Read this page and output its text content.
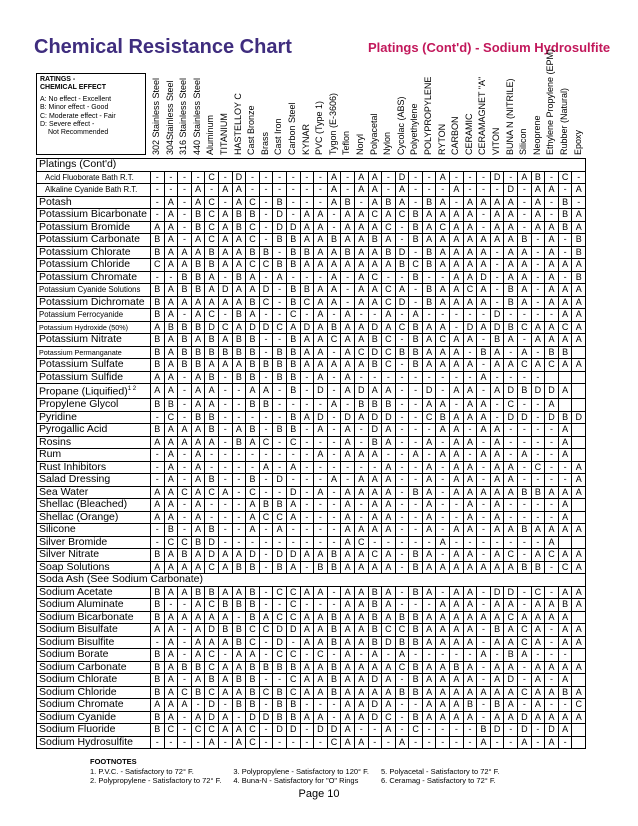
Chemical Resistance Chart	Platings (Cont'd) - Sodium Hydrosulfite
RATINGS -
CHEMICAL EFFECT
A: No effect - Excellent
B: Minor effect - Good
C: Moderate effect - Fair
D: Severe effect -
Not Recommended	302 Stainless Steel 304Stainless Steel 316 Stainless Steel 440 Stainless Steel Aluminum TITANIUM HASTELLOY C Cast Bronze Brass Cast Iron Carbon Steel KYNAR PVC (Type 1) Tygon (E-3606) Teflon Noryl Polyacetal Nylon Cycolac (ABS) Polyethylene POLYPROPYLENE RYTON CARBON CERAMIC CERAMAGNET "A" VITON BUNA N (NITRILE) Silicon Neoprene Ethylene Propylene (EPM) Rubber (Natural) Epoxy
Platings (Cont'd)																																
Acid Fluoborate Bath R.T.	-	-	-	-	C	-	D	-	-	-	-	-	-	A	-	A	A	-	D	-	-	A	-	-	-	D	-	A	B	-	C	-
Alkaline Cyanide Bath R.T.	-	-	-	A	-	A	A	-	-	-	-	-	-	A	-	A	A	-	A	-	-	-	A	-	-	-	D	-	A	A	-	A
Potash	-	A	-	A	C	-	A	C	-	B	-	-	-	A	B	-	A	B	A	-	B	A	-	A	A	A	A	-	A	-	B	-
Potassium Bicarbonate	-	A	-	B	C	A	B	B	-	D	-	A	A	-	A	A	C	A	C	B	A	A	A	A	-	A	A	-	A	-	B	A
Potassium Bromide	A	A	-	B	C	A	B	C	-	D	D	A	A	-	A	A	A	C	-	B	A	C	A	A	-	A	A	-	A	A	B	A
Potassium Carbonate	B	A	-	A	C	A	A	C	-	B	B	A	A	B	A	A	B	A	-	B	A	A	A	A	A	A	A	B	-	A	-	B
Potassium Chlorate	B	A	A	A	B	A	A	B	B	-	B	B	A	A	B	A	A	B	D	-	B	A	A	A	A	-	A	A	-	A	-	B
Potassium Chloride	C	A	A	B	B	A	A	C	C	B	B	A	A	A	A	A	A	A	B	C	B	A	A	A	A	-	A	A	-	A	A	A
Potassium Chromate	-	-	B	B	A	-	B	A	-	A	-	-	-	A	-	A	C	-	-	B	-	-	A	A	D	-	A	A	-	A	-	B
Potassium Cyanide Solutions	B	A	B	B	A	D	A	A	D	-	B	B	A	A	-	A	A	C	A	-	B	A	A	C	A	-	B	A	-	A	A	A
Potassium Dichromate	B	A	A	A	A	A	A	B	C	-	B	C	A	A	-	A	A	C	D	-	B	A	A	A	A	-	B	A	-	A	A	A
Potassium Ferrocyanide	B	A	-	A	C	-	B	A	-	-	C	-	A	-	A	-	-	A	-	A	-	-	-	-	-	D	-	-	-	-	A	A
Potassium Hydroxide (50%)	A	B	B	B	D	C	A	D	D	C	A	D	A	B	A	A	D	A	C	B	A	A	-	D	A	D	B	C	A	A	C	A
Potassium Nitrate	B	A	B	A	B	A	B	B	-	-	B	A	A	C	A	A	B	C	-	B	A	C	A	A	-	B	A	-	A	A	A	A
Potassium Permanganate	B	A	B	B	B	B	B	B	-	B	B	A	A	-	A	C	D	C	B	B	A	A	A	-	B	A	-	A	-	B	B	
Potassium Sulfate	B	A	B	B	A	A	A	B	B	B	B	A	A	A	A	A	B	C	-	B	A	A	A	A	-	A	A	C	A	C	A	A
Potassium Sulfide	A	A	-	A	B	-	B	B	-	B	B	-	A	-	A	-	-	-	-	-	-	-	-	-	A	-	-	-	-			
Propane (Liquified)$^{1 2}$	A	A	-	A	A	-	-	A	A	-	B	-	D	-	A	D	A	A	-	-	D	-	A	A	-	A	D	B	D	D	A	
Propylene Glycol	B	B	-	A	A	-	-	B	B	-	-	-	-	A	-	B	B	B	-	-	A	A	-	A	A	-	C	-	-	A		
Pyridine	-	C	-	B	B	-	-	-	-	-	B	A	D	-	D	A	D	D	-	-	C	B	A	A	A	-	D	D	-	D	B	D
Pyrogallic Acid	B	A	A	A	B	-	A	B	-	B	B	-	A	-	A	-	D	A	-	-	-	A	A	-	A	A	-	-	-	-	A	
Rosins	A	A	A	A	A	-	B	A	C	-	C	-	-	-	A	-	B	A	-	-	A	-	A	A	-	A	-	-	-	-	A	
Rum	-	A	-	A	-	-	-	-	-	-	-	-	A	-	A	A	A	-	-	A	-	A	A	-	A	A	-	A	-	-	A	
Rust Inhibitors	-	A	-	A	-	-	-	-	A	-	A	-	-	-	-	-	-	A	-	-	A	-	A	A	-	A	A	-	C	-	-	A
Salad Dressing	-	A	-	A	B	-	-	B	-	D	-	-	-	A	-	A	A	A	-	-	A	-	A	A	-	A	A	-	-	-	-	A
Sea Water	A	A	C	A	C	A	-	C	-	-	D	-	A	-	A	A	A	A	-	B	A	-	A	A	A	A	A	B	B	A	A	A
Shellac (Bleached)	A	A	-	A	-	-	-	A	B	B	A	-	-	-	A	-	A	A	-	-	A	-	-	A	-	A	-	-	-	-	A	
Shellac (Orange)	A	A	-	A	-	-	-	A	C	C	A	-	-	-	A	-	A	A	-	-	A	-	-	A	-	A	-	-	-	-	A	
Silicone	-	B	-	A	B	-	-	A	-	A	-	-	-	-	A	A	A	A	-	-	A	-	A	A	-	A	A	B	A	A	A	A
Silver Bromide	-	C	C	B	D	-	-	-	-	-	-	-	-	-	A	C	-	-	-	-	-	A	-	-	-	-	-	-	-	A		
Silver Nitrate	B	A	B	A	D	A	A	D	-	D	D	A	A	B	A	A	C	A	-	B	A	-	A	A	-	A	C	-	A	C	A	A
Soap Solutions	A	A	A	A	C	A	B	B	-	B	A	-	B	B	A	A	A	A	-	B	A	A	A	A	A	A	A	B	B	-	C	A
Soda Ash (See Sodium Carbonate)																																
Sodium Acetate	B	A	A	B	B	A	A	B	-	C	C	A	A	-	A	A	B	A	-	B	A	-	A	A	-	D	D	-	C	-	A	A
Sodium Aluminate	B	-	-	A	C	B	B	B	-	-	C	-	-	-	A	A	B	A	-	-	-	A	A	A	-	A	A	-	A	A	B	A
Sodium Bicarbonate	B	A	A	A	A	A	-	B	A	C	C	A	A	B	A	A	B	A	B	B	A	A	A	A	A	A	C	A	A	A	A	
Sodium Bisulfate	A	A	-	A	D	B	B	C	C	D	D	A	A	B	A	A	B	C	C	B	A	A	A	A	-	B	A	C	A	-	A	A
Sodium Bisulfite	-	A	-	A	A	A	B	C	-	D	-	A	A	B	A	A	B	D	B	B	A	A	A	A	-	A	A	C	A	-	A	A
Sodium Borate	B	A	-	A	C	-	A	A	-	C	C	-	C	-	A	-	A	-	A	-	-	-	-	-	A	-	B	A	-	-	-	
Sodium Carbonate	B	A	B	B	C	A	A	B	B	B	B	A	A	B	A	A	A	A	C	B	A	A	B	A	-	A	A	-	A	A	A	A
Sodium Chlorate	B	A	-	A	B	A	B	B	-	-	C	A	A	B	A	A	D	A	-	B	A	A	A	A	-	A	D	-	A	-	A	
Sodium Chloride	B	A	C	B	C	A	A	B	C	B	C	A	A	B	A	A	A	A	B	B	A	A	A	A	A	A	A	C	A	A	B	A
Sodium Chromate	A	A	A	-	D	-	B	B	-	B	B	-	-	-	A	A	D	A	-	-	A	A	A	B	-	B	A	-	A	-	-	C
Sodium Cyanide	B	A	-	A	D	A	-	D	D	B	B	A	A	-	A	A	D	C	-	B	A	A	A	A	-	A	A	D	A	A	A	A
Sodium Fluoride	B	C	-	C	C	A	A	C	-	D	D	-	D	D	A	-	-	A	-	C	-	-	-	-	B	D	-	D	-	D	A	
Sodium Hydrosulfite	-	-	-	-	A	-	A	C	-	-	-	-	-	C	A	A	-	-	A	-	-	-	-	-	A	-	-	A	-	A	-	
FOOTNOTES
1. P.V.C. - Satisfactory to 72° F.
2. Polypropylene - Satisfactory to 72° F.
3. Polypropylene - Satisfactory to 120° F.
4. Buna-N - Satisfactory for "O" Rings
5. Polyacetal - Satisfactory to 72° F.
6. Ceramag - Satisfactory to 72° F.
Page 10
